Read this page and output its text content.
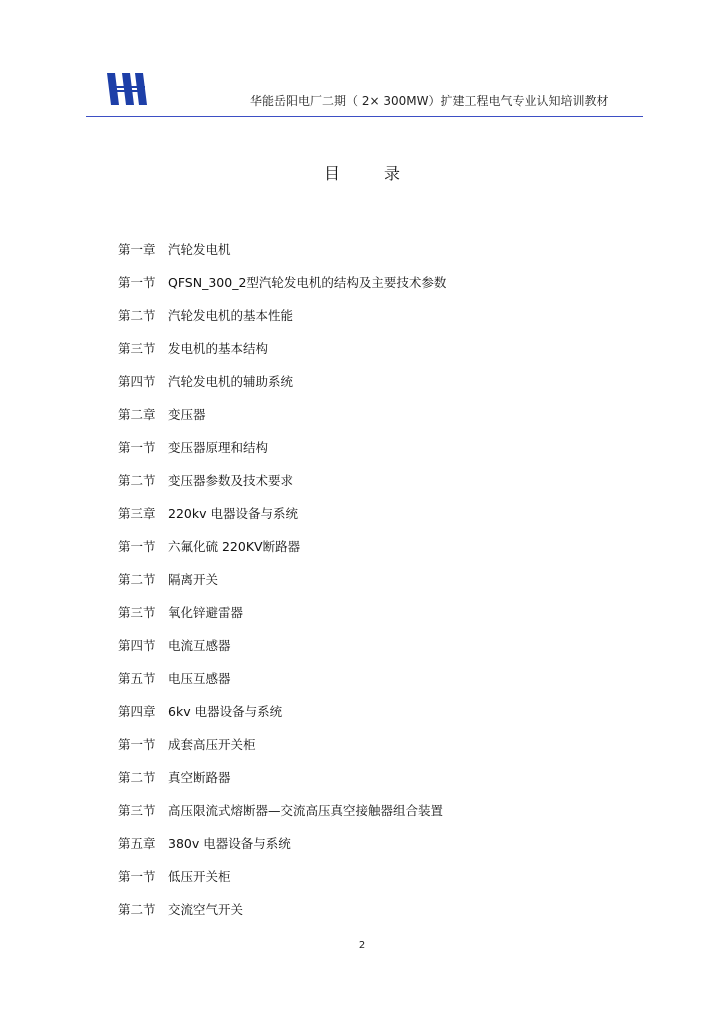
华能岳阳电厂二期（ 2× 300MW）扩建工程电气专业认知培训教材
目录
第一章 汽轮发电机
第一节 QFSN_300_2型汽轮发电机的结构及主要技术参数
第二节 汽轮发电机的基本性能
第三节 发电机的基本结构
第四节 汽轮发电机的辅助系统
第二章 变压器
第一节 变压器原理和结构
第二节 变压器参数及技术要求
第三章 220kv 电器设备与系统
第一节 六氟化硫 220KV断路器
第二节 隔离开关
第三节 氧化锌避雷器
第四节 电流互感器
第五节 电压互感器
第四章 6kv 电器设备与系统
第一节 成套高压开关柜
第二节 真空断路器
第三节 高压限流式熔断器—交流高压真空接触器组合装置
第五章 380v 电器设备与系统
第一节 低压开关柜
第二节 交流空气开关
2
